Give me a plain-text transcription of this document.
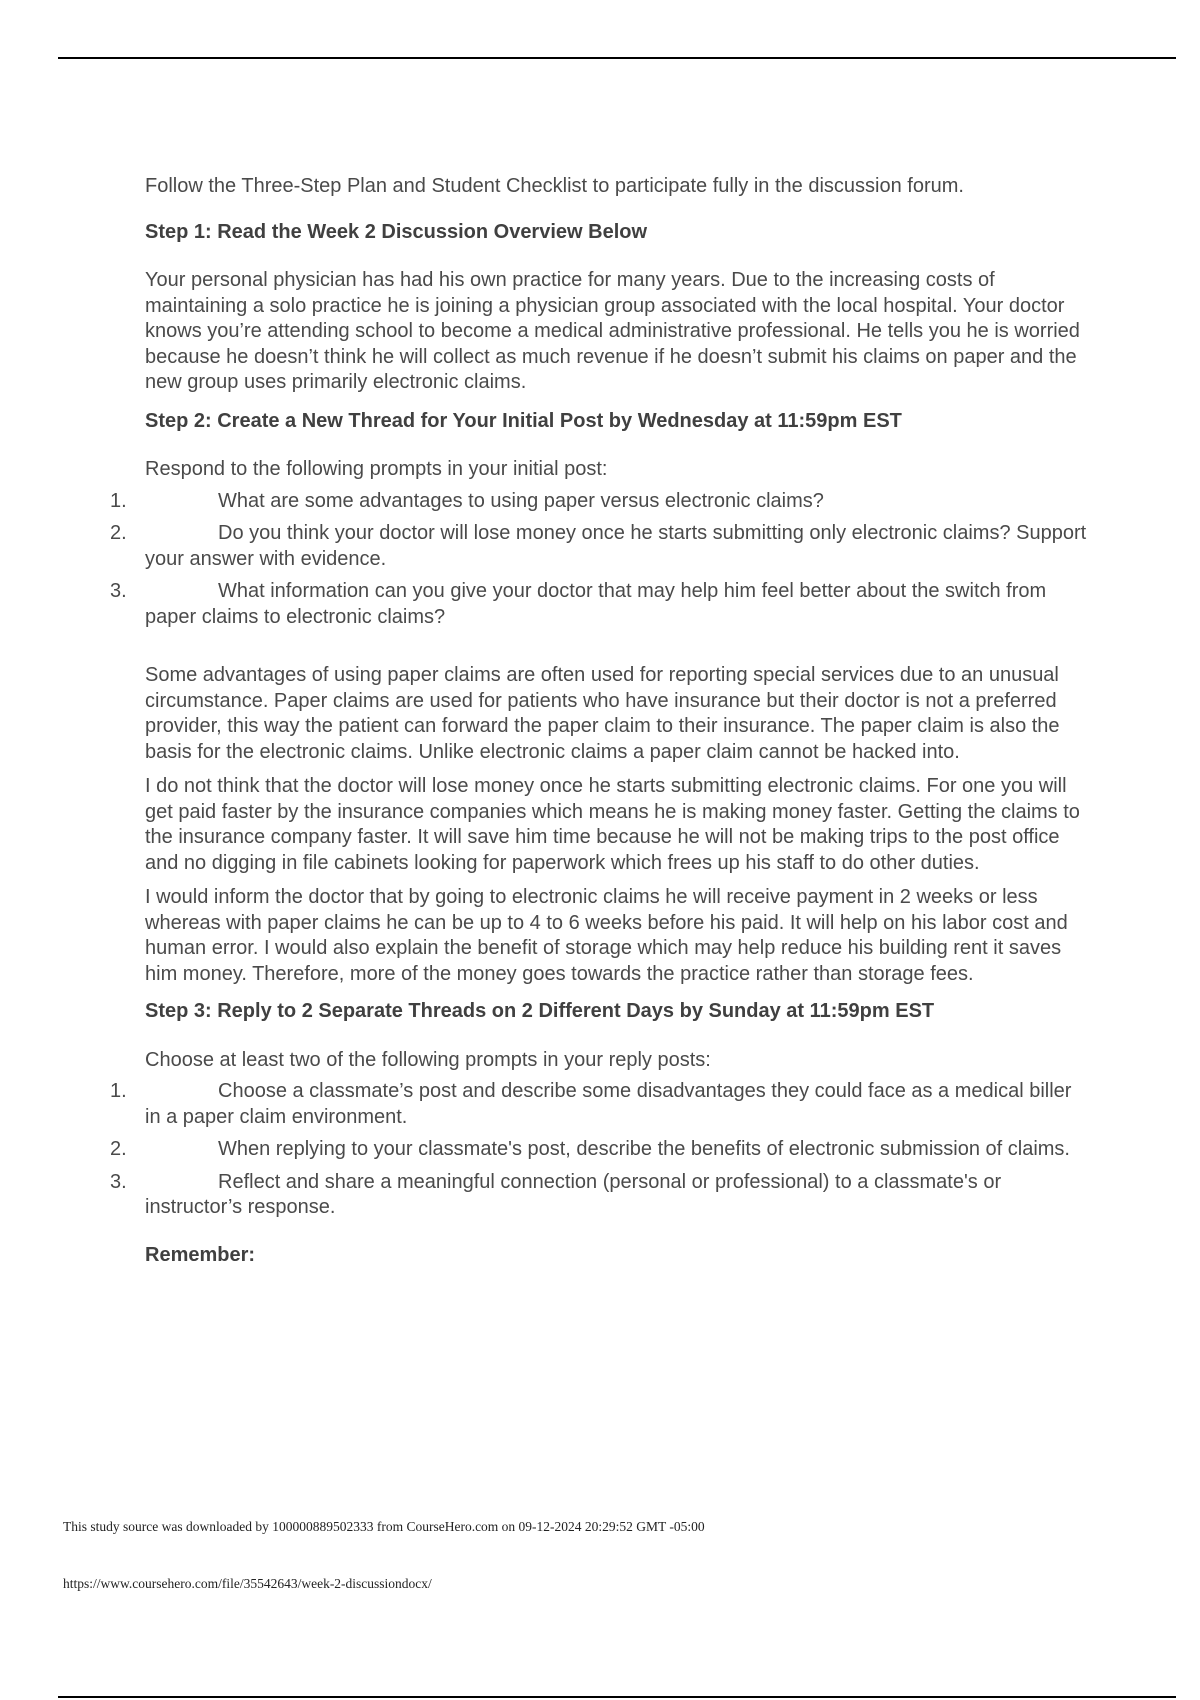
Follow the Three-Step Plan and Student Checklist to participate fully in the discussion forum.

Step 1: Read the Week 2 Discussion Overview Below

Your personal physician has had his own practice for many years. Due to the increasing costs of maintaining a solo practice he is joining a physician group associated with the local hospital. Your doctor knows you’re attending school to become a medical administrative professional. He tells you he is worried because he doesn’t think he will collect as much revenue if he doesn’t submit his claims on paper and the new group uses primarily electronic claims.

Step 2: Create a New Thread for Your Initial Post by Wednesday at 11:59pm EST

Respond to the following prompts in your initial post:

1.	What are some advantages to using paper versus electronic claims?
2.	Do you think your doctor will lose money once he starts submitting only electronic claims? Support your answer with evidence.
3.	What information can you give your doctor that may help him feel better about the switch from paper claims to electronic claims?

Some advantages of using paper claims are often used for reporting special services due to an unusual circumstance. Paper claims are used for patients who have insurance but their doctor is not a preferred provider, this way the patient can forward the paper claim to their insurance. The paper claim is also the basis for the electronic claims. Unlike electronic claims a paper claim cannot be hacked into.

I do not think that the doctor will lose money once he starts submitting electronic claims. For one you will get paid faster by the insurance companies which means he is making money faster. Getting the claims to the insurance company faster. It will save him time because he will not be making trips to the post office and no digging in file cabinets looking for paperwork which frees up his staff to do other duties.

I would inform the doctor that by going to electronic claims he will receive payment in 2 weeks or less whereas with paper claims he can be up to 4 to 6 weeks before his paid. It will help on his labor cost and human error. I would also explain the benefit of storage which may help reduce his building rent it saves him money. Therefore, more of the money goes towards the practice rather than storage fees.

Step 3: Reply to 2 Separate Threads on 2 Different Days by Sunday at 11:59pm EST

Choose at least two of the following prompts in your reply posts:

1.	Choose a classmate’s post and describe some disadvantages they could face as a medical biller in a paper claim environment.
2.	When replying to your classmate's post, describe the benefits of electronic submission of claims.
3.	Reflect and share a meaningful connection (personal or professional) to a classmate's or instructor’s response.

Remember:

This study source was downloaded by 100000889502333 from CourseHero.com on 09-12-2024 20:29:52 GMT -05:00
https://www.coursehero.com/file/35542643/week-2-discussiondocx/
